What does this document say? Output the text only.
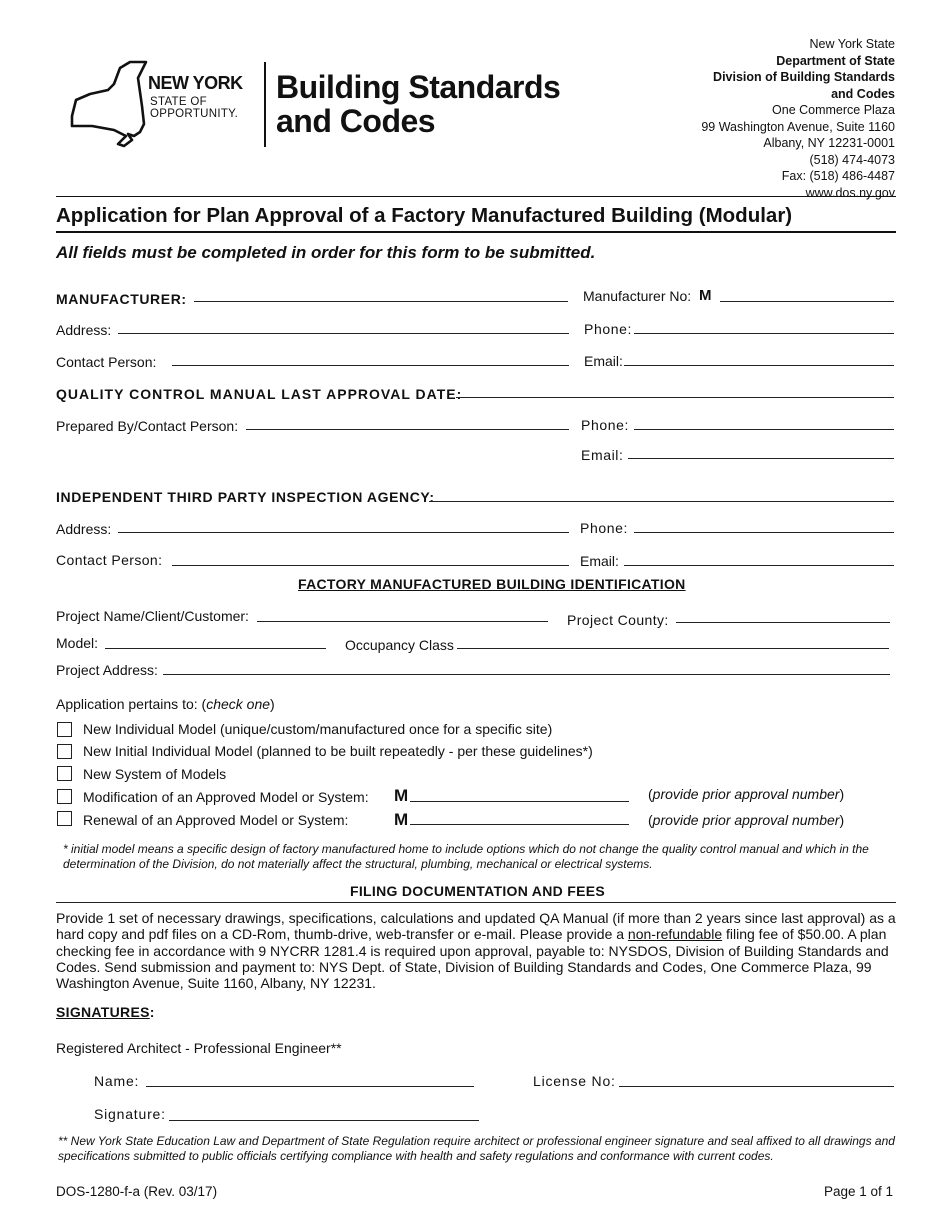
NEW YORK
STATE OF
OPPORTUNITY.
Building Standards
and Codes
New York State
Department of State
Division of Building Standards
and Codes
One Commerce Plaza
99 Washington Avenue, Suite 1160
Albany, NY 12231-0001
(518) 474-4073
Fax: (518) 486-4487
www.dos.ny.gov
Application for Plan Approval of a Factory Manufactured Building (Modular)
All fields must be completed in order for this form to be submitted.
MANUFACTURER:	Manufacturer No: M
Address:	Phone:
Contact Person:	Email:
QUALITY CONTROL MANUAL LAST APPROVAL DATE:
Prepared By/Contact Person:	Phone:
Email:
INDEPENDENT THIRD PARTY INSPECTION AGENCY:
Address:	Phone:
Contact Person:	Email:
FACTORY MANUFACTURED BUILDING IDENTIFICATION
Project Name/Client/Customer:	Project County:
Model:	Occupancy Class
Project Address:
Application pertains to: (check one)
New Individual Model (unique/custom/manufactured once for a specific site)
New Initial Individual Model (planned to be built repeatedly - per these guidelines*)
New System of Models
Modification of an Approved Model or System: M	(provide prior approval number)
Renewal of an Approved Model or System:	M	(provide prior approval number)
* initial model means a specific design of factory manufactured home to include options which do not change the quality control manual and which in the determination of the Division, do not materially affect the structural, plumbing, mechanical or electrical systems.
FILING DOCUMENTATION AND FEES
Provide 1 set of necessary drawings, specifications, calculations and updated QA Manual (if more than 2 years since last approval) as a hard copy and pdf files on a CD-Rom, thumb-drive, web-transfer or e-mail. Please provide a non-refundable filing fee of $50.00. A plan checking fee in accordance with 9 NYCRR 1281.4 is required upon approval, payable to: NYSDOS, Division of Building Standards and Codes. Send submission and payment to: NYS Dept. of State, Division of Building Standards and Codes, One Commerce Plaza, 99 Washington Avenue, Suite 1160, Albany, NY 12231.
SIGNATURES:
Registered Architect - Professional Engineer**
Name:	License No:
Signature:
** New York State Education Law and Department of State Regulation require architect or professional engineer signature and seal affixed to all drawings and specifications submitted to public officials certifying compliance with health and safety regulations and conformance with current codes.
DOS-1280-f-a (Rev. 03/17)	Page 1 of 1
